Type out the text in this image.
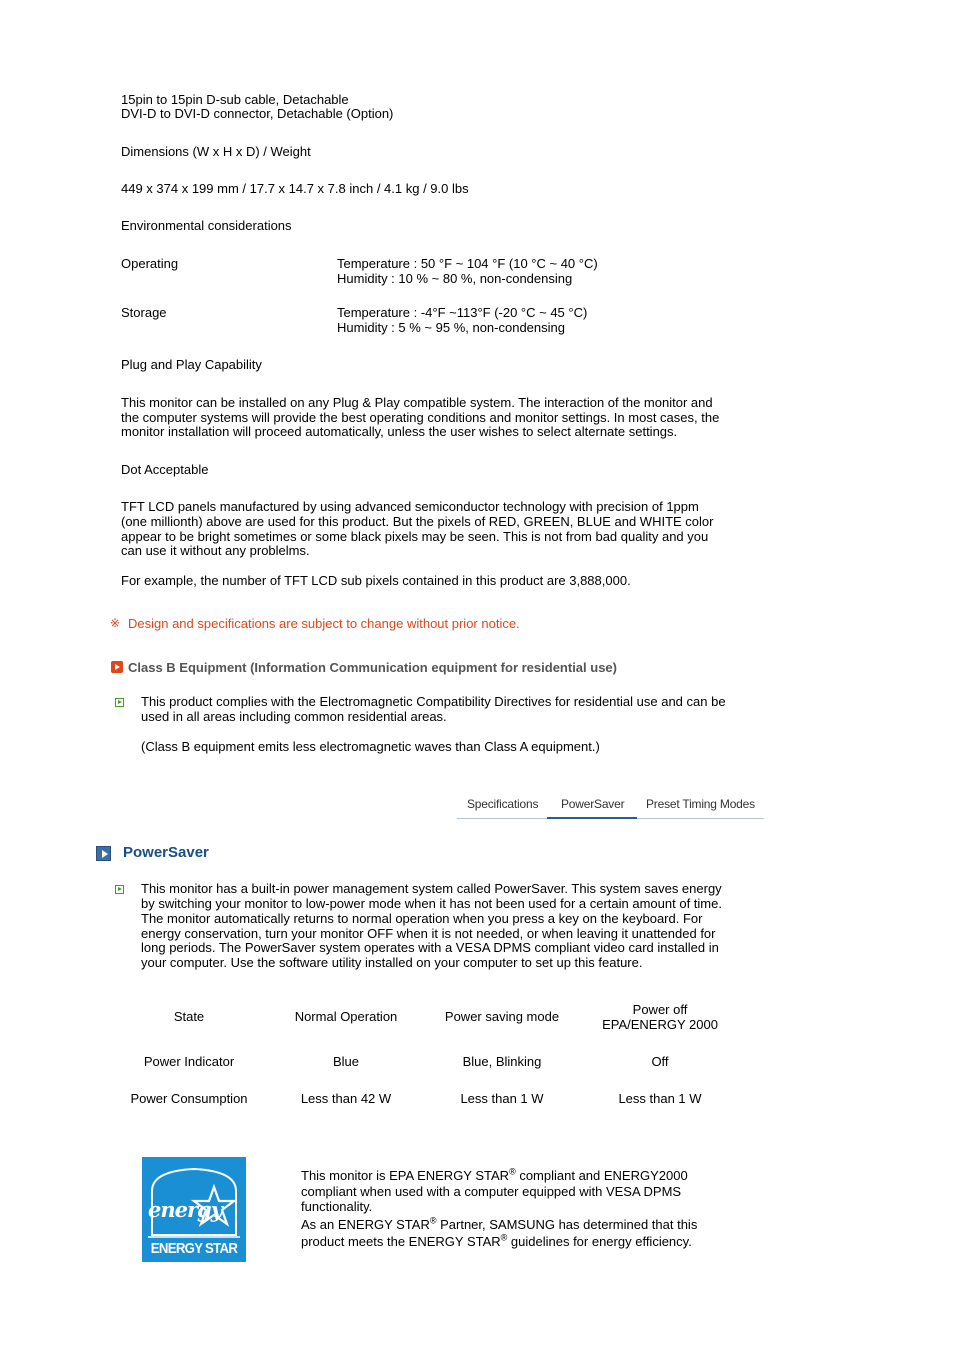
15pin to 15pin D-sub cable, Detachable
DVI-D to DVI-D connector, Detachable (Option)
Dimensions (W x H x D) / Weight
449 x 374 x 199 mm / 17.7 x 14.7 x 7.8 inch / 4.1 kg / 9.0 lbs
Environmental considerations
Operating	Temperature : 50 °F ~ 104 °F (10 °C ~ 40 °C)
Humidity : 10 % ~ 80 %, non-condensing
Storage	Temperature : -4°F ~113°F (-20 °C ~ 45 °C)
Humidity : 5 % ~ 95 %, non-condensing
Plug and Play Capability
This monitor can be installed on any Plug & Play compatible system. The interaction of the monitor and
the computer systems will provide the best operating conditions and monitor settings. In most cases, the
monitor installation will proceed automatically, unless the user wishes to select alternate settings.
Dot Acceptable
TFT LCD panels manufactured by using advanced semiconductor technology with precision of 1ppm
(one millionth) above are used for this product. But the pixels of RED, GREEN, BLUE and WHITE color
appear to be bright sometimes or some black pixels may be seen. This is not from bad quality and you
can use it without any problelms.
For example, the number of TFT LCD sub pixels contained in this product are 3,888,000.
※ Design and specifications are subject to change without prior notice.
Class B Equipment (Information Communication equipment for residential use)
This product complies with the Electromagnetic Compatibility Directives for residential use and can be
used in all areas including common residential areas.
(Class B equipment emits less electromagnetic waves than Class A equipment.)
Specifications PowerSaver Preset Timing Modes
PowerSaver
This monitor has a built-in power management system called PowerSaver. This system saves energy
by switching your monitor to low-power mode when it has not been used for a certain amount of time.
The monitor automatically returns to normal operation when you press a key on the keyboard. For
energy conservation, turn your monitor OFF when it is not needed, or when leaving it unattended for
long periods. The PowerSaver system operates with a VESA DPMS compliant video card installed in
your computer. Use the software utility installed on your computer to set up this feature.
State	Normal Operation	Power saving mode	Power off
EPA/ENERGY 2000

Power Indicator	Blue	Blue, Blinking	Off
Power Consumption	Less than 42 W	Less than 1 W	Less than 1 W
energy
ENERGY STAR
This monitor is EPA ENERGY STAR® compliant and ENERGY2000
compliant when used with a computer equipped with VESA DPMS
functionality.
As an ENERGY STAR® Partner, SAMSUNG has determined that this
product meets the ENERGY STAR® guidelines for energy efficiency.
